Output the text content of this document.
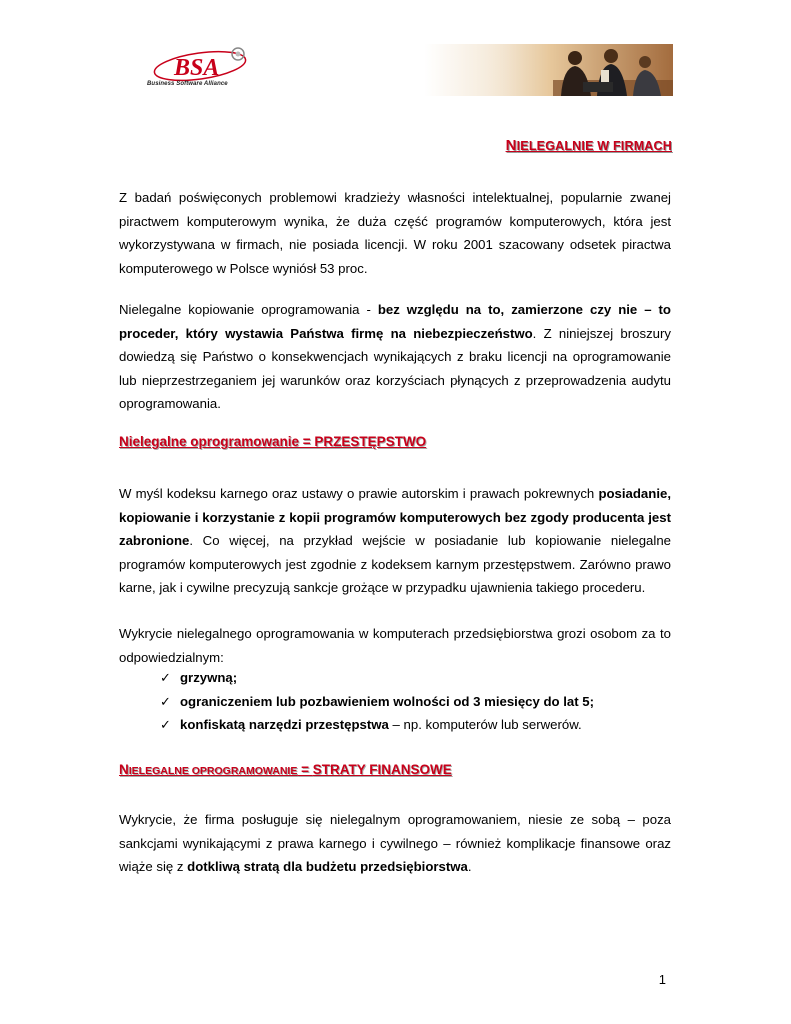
BSA
Business Software Alliance
NIELEGALNIE W FIRMACH
Z badań poświęconych problemowi kradzieży własności intelektualnej, popularnie zwanej piractwem komputerowym wynika, że duża część programów komputerowych, która jest wykorzystywana w firmach, nie posiada licencji. W roku 2001 szacowany odsetek piractwa komputerowego w Polsce wyniósł 53 proc.
Nielegalne kopiowanie oprogramowania - bez względu na to, zamierzone czy nie – to proceder, który wystawia Państwa firmę na niebezpieczeństwo. Z niniejszej broszury dowiedzą się Państwo o konsekwencjach wynikających z braku licencji na oprogramowanie lub nieprzestrzeganiem jej warunków oraz korzyściach płynących z przeprowadzenia audytu oprogramowania.
Nielegalne oprogramowanie = PRZESTĘPSTWO
W myśl kodeksu karnego oraz ustawy o prawie autorskim i prawach pokrewnych posiadanie, kopiowanie i korzystanie z kopii programów komputerowych bez zgody producenta jest zabronione. Co więcej, na przykład wejście w posiadanie lub kopiowanie nielegalne programów komputerowych jest zgodnie z kodeksem karnym przestępstwem. Zarówno prawo karne, jak i cywilne precyzują sankcje grożące w przypadku ujawnienia takiego procederu.
Wykrycie nielegalnego oprogramowania w komputerach przedsiębiorstwa grozi osobom za to odpowiedzialnym:
✓ grzywną;
✓ ograniczeniem lub pozbawieniem wolności od 3 miesięcy do lat 5;
✓ konfiskatą narzędzi przestępstwa – np. komputerów lub serwerów.
NIELEGALNE OPROGRAMOWANIE = STRATY FINANSOWE
Wykrycie, że firma posługuje się nielegalnym oprogramowaniem, niesie ze sobą – poza sankcjami wynikającymi z prawa karnego i cywilnego – również komplikacje finansowe oraz wiąże się z dotkliwą stratą dla budżetu przedsiębiorstwa.
1
